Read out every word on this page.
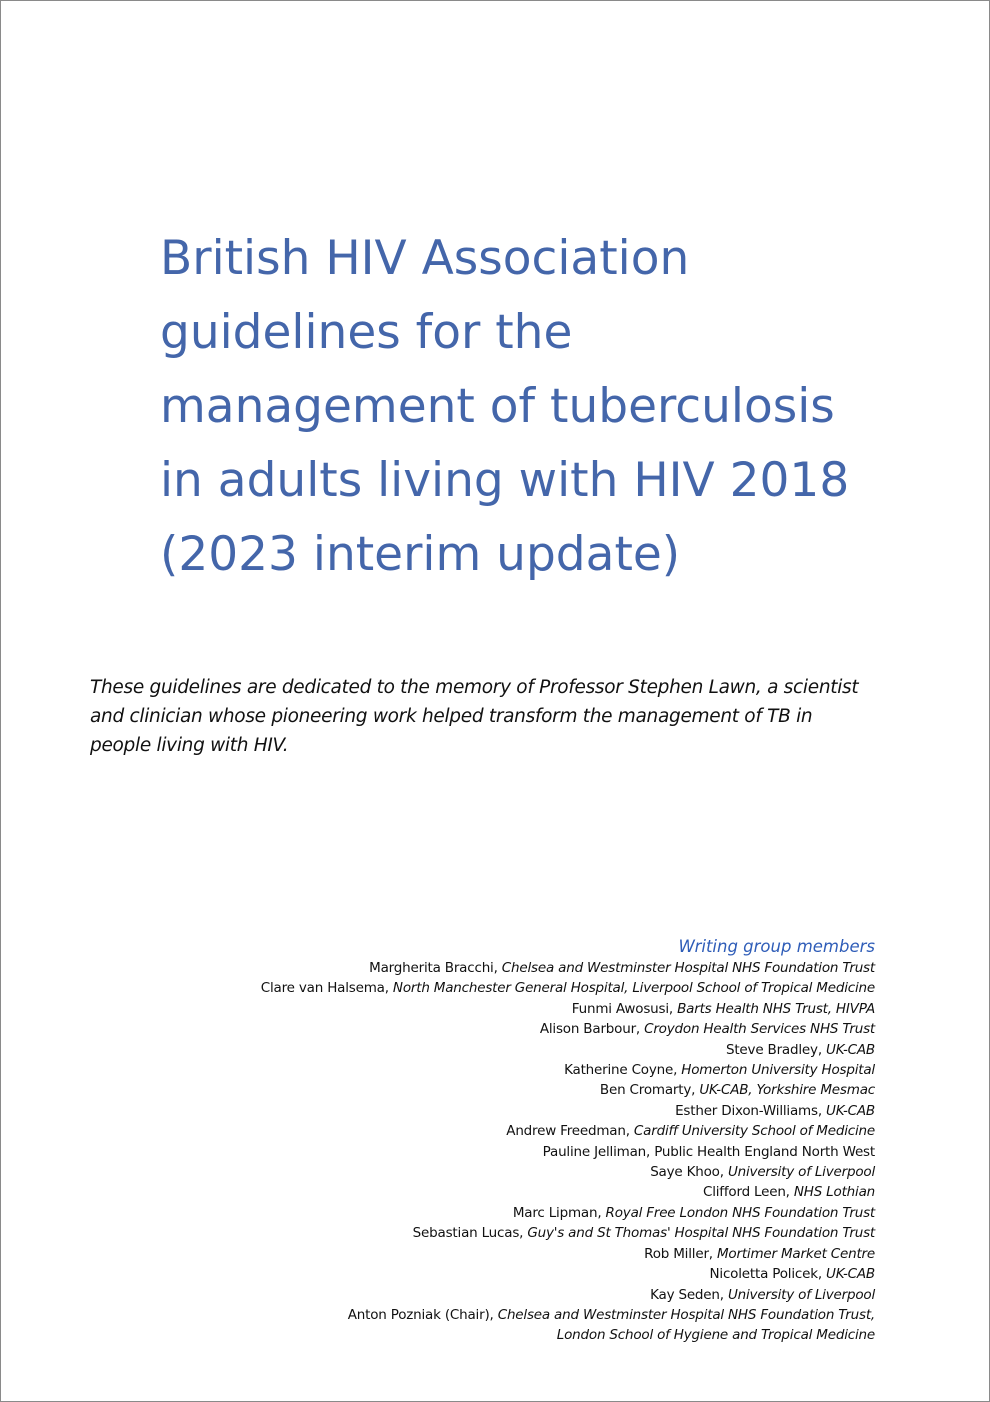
British HIV Association
guidelines for the
management of tuberculosis
in adults living with HIV 2018
(2023 interim update)

These guidelines are dedicated to the memory of Professor Stephen Lawn, a scientist
and clinician whose pioneering work helped transform the management of TB in
people living with HIV.

Writing group members
Margherita Bracchi, Chelsea and Westminster Hospital NHS Foundation Trust
Clare van Halsema, North Manchester General Hospital, Liverpool School of Tropical Medicine
Funmi Awosusi, Barts Health NHS Trust, HIVPA
Alison Barbour, Croydon Health Services NHS Trust
Steve Bradley, UK-CAB
Katherine Coyne, Homerton University Hospital
Ben Cromarty, UK-CAB, Yorkshire Mesmac
Esther Dixon-Williams, UK-CAB
Andrew Freedman, Cardiff University School of Medicine
Pauline Jelliman, Public Health England North West
Saye Khoo, University of Liverpool
Clifford Leen, NHS Lothian
Marc Lipman, Royal Free London NHS Foundation Trust
Sebastian Lucas, Guy's and St Thomas' Hospital NHS Foundation Trust
Rob Miller, Mortimer Market Centre
Nicoletta Policek, UK-CAB
Kay Seden, University of Liverpool
Anton Pozniak (Chair), Chelsea and Westminster Hospital NHS Foundation Trust,
London School of Hygiene and Tropical Medicine
